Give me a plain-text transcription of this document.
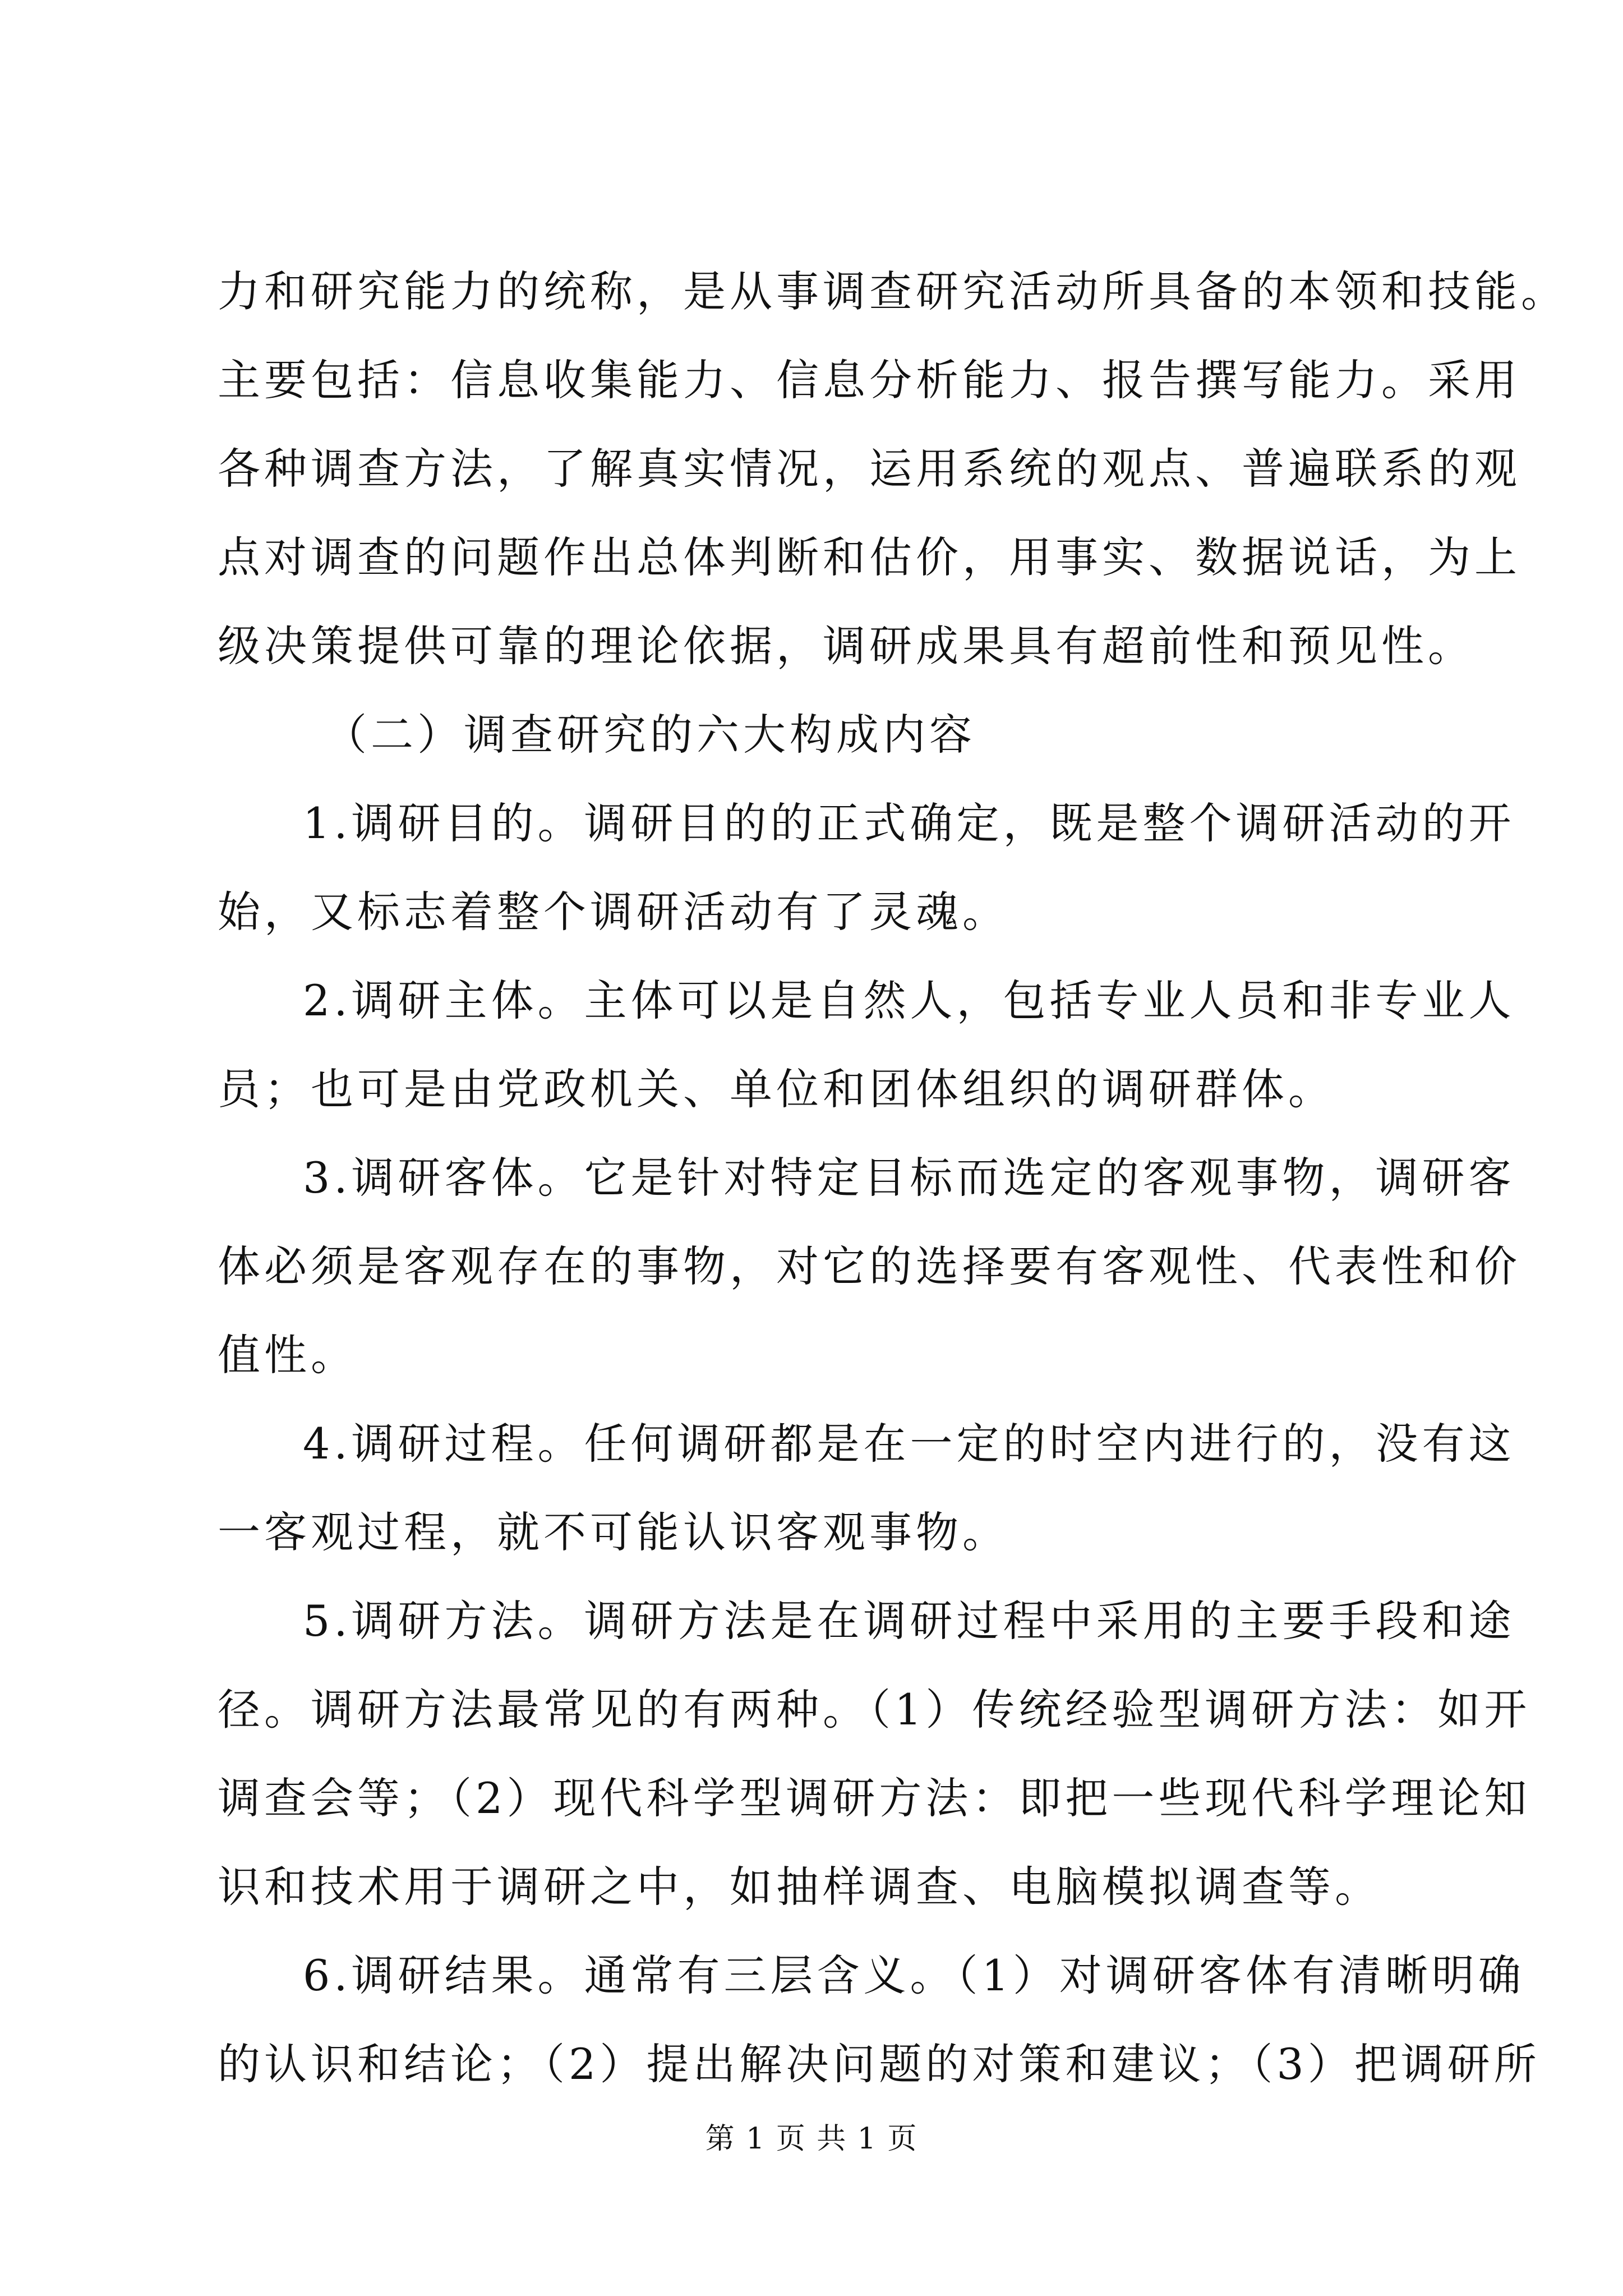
力和研究能力的统称，是从事调查研究活动所具备的本领和技能。
主要包括：信息收集能力、信息分析能力、报告撰写能力。采用
各种调查方法，了解真实情况，运用系统的观点、普遍联系的观
点对调查的问题作出总体判断和估价，用事实、数据说话，为上
级决策提供可靠的理论依据，调研成果具有超前性和预见性。
（二）调查研究的六大构成内容
1.调研目的。调研目的的正式确定，既是整个调研活动的开
始，又标志着整个调研活动有了灵魂。
2.调研主体。主体可以是自然人，包括专业人员和非专业人
员；也可是由党政机关、单位和团体组织的调研群体。
3.调研客体。它是针对特定目标而选定的客观事物，调研客
体必须是客观存在的事物，对它的选择要有客观性、代表性和价
值性。
4.调研过程。任何调研都是在一定的时空内进行的，没有这
一客观过程，就不可能认识客观事物。
5.调研方法。调研方法是在调研过程中采用的主要手段和途
径。调研方法最常见的有两种。（1）传统经验型调研方法：如开
调查会等；（2）现代科学型调研方法：即把一些现代科学理论知
识和技术用于调研之中，如抽样调查、电脑模拟调查等。
6.调研结果。通常有三层含义。（1）对调研客体有清晰明确
的认识和结论；（2）提出解决问题的对策和建议；（3）把调研所
第 1 页 共 1 页
